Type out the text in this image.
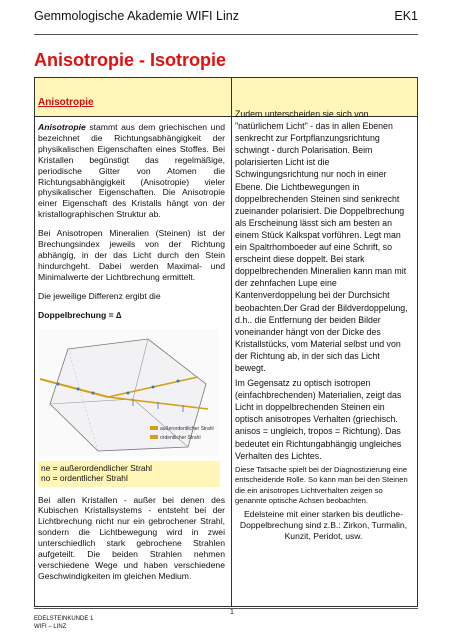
Gemmologische Akademie WIFI Linz	EK1
Anisotropie - Isotropie
Anisotropie

Anisotropie stammt aus dem griechischen und bezeichnet die Richtungsabhängigkeit der physikalischen Eigenschaften eines Stoffes. Bei Kristallen begünstigt das regelmäßige, periodische Gitter von Atomen die Richtungsabhängigkeit (Anisotropie) vieler physikalischer Eigenschaften. Die Anisotropie einer Eigenschaft des Kristalls hängt von der kristallographischen Struktur ab.

Bei Anisotropen Mineralien (Steinen) ist der Brechungsindex jeweils von der Richtung abhängig, in der das Licht durch den Stein hindurchgeht. Dabei werden Maximal- und Minimalwerte der Lichtbrechung ermittelt.

Die jeweilige Differenz ergibt die

Doppelbrechung = ∆

außerordentlicher Strahl
ordentlicher Strahl
ne = außerordendlicher Strahl
no = ordentlicher Strahl

Bei allen Kristallen - außer bei denen des Kubischen Kristallsystems - entsteht bei der Lichtbrechung nicht nur ein gebrochener Strahl, sondern die Lichtbewegung wird in zwei unterschiedlich stark gebrochene Strahlen aufgeteilt. Die beiden Strahlen nehmen verschiedene Wege und haben verschiedene Geschwindigkeiten im gleichen Medium.

Zudem unterscheiden sie sich von "natürlichem Licht" - das in allen Ebenen senkrecht zur Fortpflanzungsrichtung schwingt - durch Polarisation. Beim polarisierten Licht ist die Schwingungsrichtung nur noch in einer Ebene. Die Lichtbewegungen in doppelbrechenden Steinen sind senkrecht zueinander polarisiert. Die Doppelbrechung als Erscheinung lässt sich am besten an einem Stück Kalkspat vorführen. Legt man ein Spaltrhomboeder auf eine Schrift, so erscheint diese doppelt. Bei stark doppelbrechenden Mineralien kann man mit der zehnfachen Lupe eine Kantenverdoppelung bei der Durchsicht beobachten.Der Grad der Bildverdoppelung, d.h.. die Entfernung der beiden Bilder voneinander hängt von der Dicke des Kristallstücks, vom Material selbst und von der Richtung ab, in der sich das Licht bewegt.

Im Gegensatz zu optisch isotropen (einfachbrechenden) Materialien, zeigt das Licht in doppelbrechenden Steinen ein optisch anisotropes Verhalten (griechisch. anisos = ungleich, tropos = Richtung). Das bedeutet ein Richtungabhängig ungleiches Verhalten des Lichtes.

Diese Tatsache spielt bei der Diagnostizierung eine entscheidende Rolle. So kann man bei den Steinen die ein anisotropes Lichtverhalten zeigen so genannte optische Achsen beobachten.

Edelsteine mit einer starken bis deutliche- Doppelbrechung sind z.B.: Zirkon, Turmalin, Kunzit, Peridot, usw.

EDELSTEINKUNDE 1
WIFI – LINZ
1
